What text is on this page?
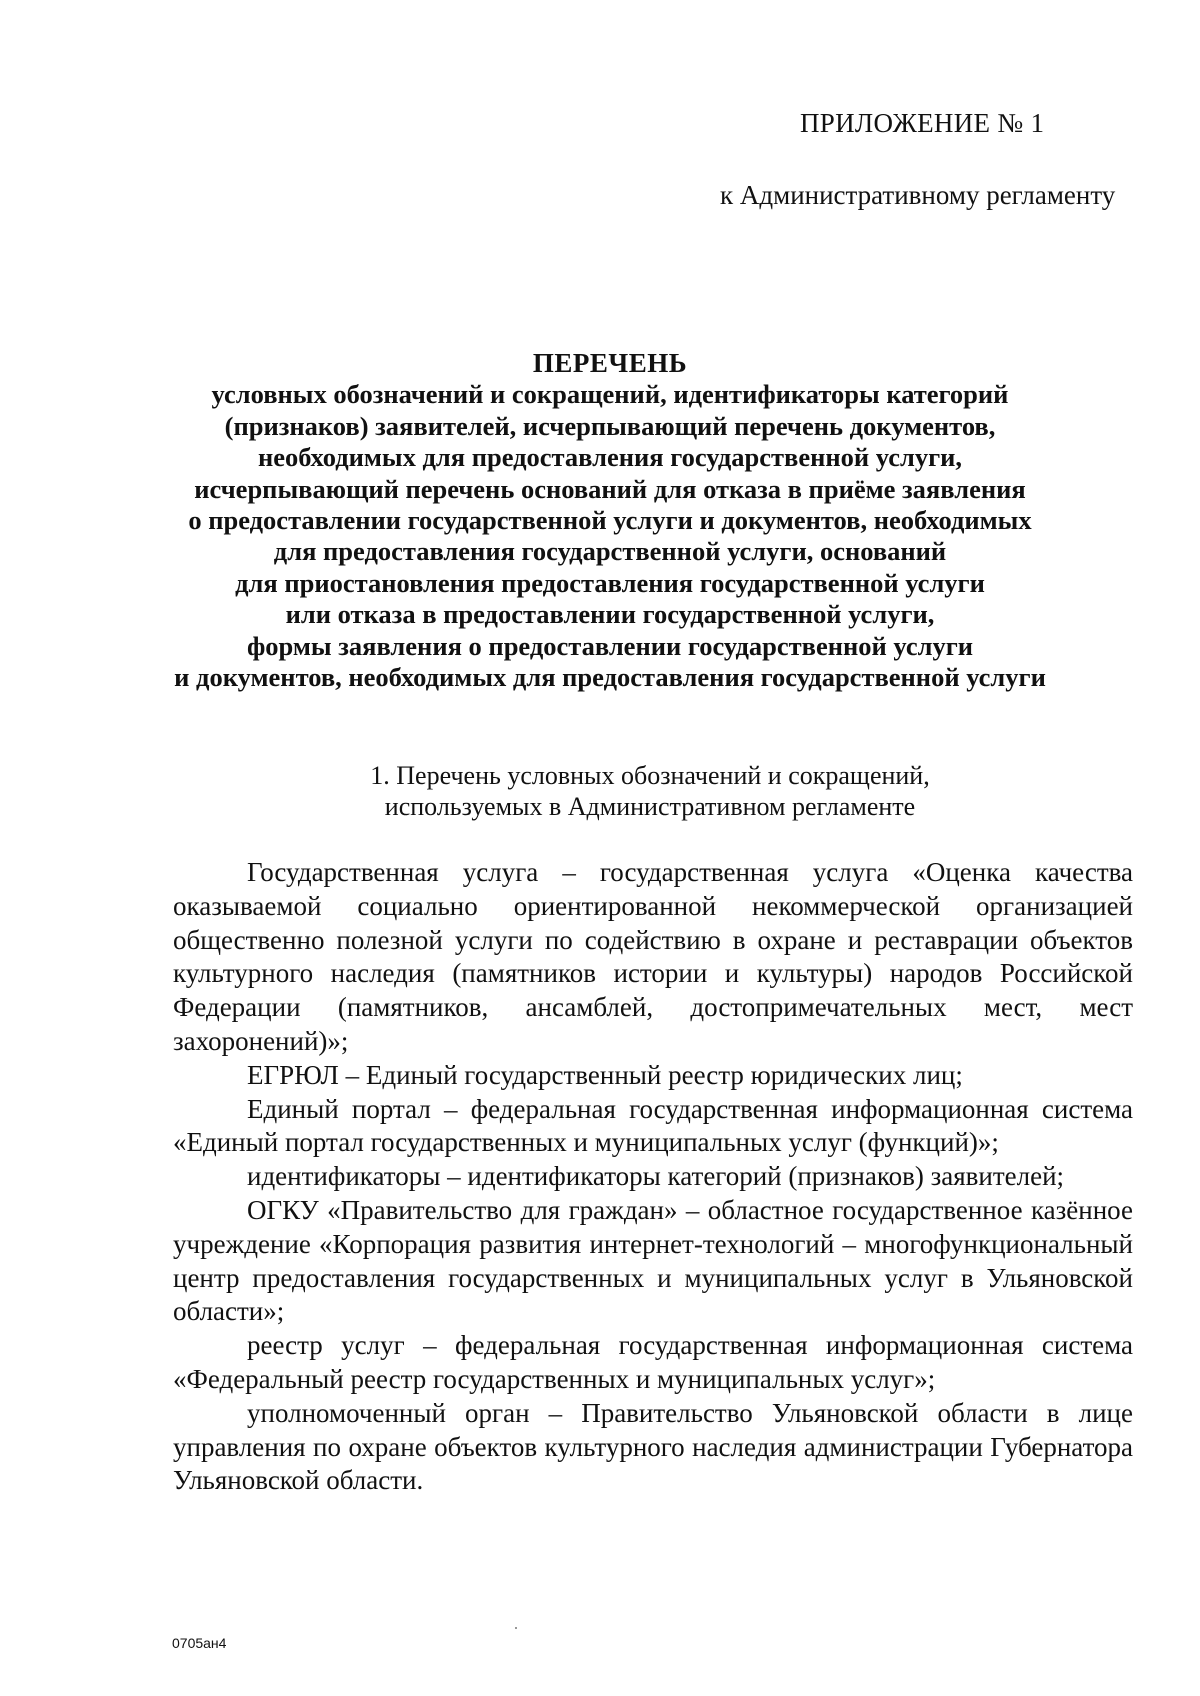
ПРИЛОЖЕНИЕ № 1
к Административному регламенту
ПЕРЕЧЕНЬ
условных обозначений и сокращений, идентификаторы категорий
(признаков) заявителей, исчерпывающий перечень документов,
необходимых для предоставления государственной услуги,
исчерпывающий перечень оснований для отказа в приёме заявления
о предоставлении государственной услуги и документов, необходимых
для предоставления государственной услуги, оснований
для приостановления предоставления государственной услуги
или отказа в предоставлении государственной услуги,
формы заявления о предоставлении государственной услуги
и документов, необходимых для предоставления государственной услуги
1. Перечень условных обозначений и сокращений,
используемых в Административном регламенте

Государственная услуга – государственная услуга «Оценка качества оказываемой социально ориентированной некоммерческой организацией общественно полезной услуги по содействию в охране и реставрации объектов культурного наследия (памятников истории и культуры) народов Российской Федерации (памятников, ансамблей, достопримечательных мест, мест захоронений)»;

ЕГРЮЛ – Единый государственный реестр юридических лиц;

Единый портал – федеральная государственная информационная система «Единый портал государственных и муниципальных услуг (функций)»;

идентификаторы – идентификаторы категорий (признаков) заявителей;

ОГКУ «Правительство для граждан» – областное государственное казённое учреждение «Корпорация развития интернет-технологий – многофункциональный центр предоставления государственных и муниципальных услуг в Ульяновской области»;

реестр услуг – федеральная государственная информационная система «Федеральный реестр государственных и муниципальных услуг»;

уполномоченный орган – Правительство Ульяновской области в лице управления по охране объектов культурного наследия администрации Губернатора Ульяновской области.

0705ан4
